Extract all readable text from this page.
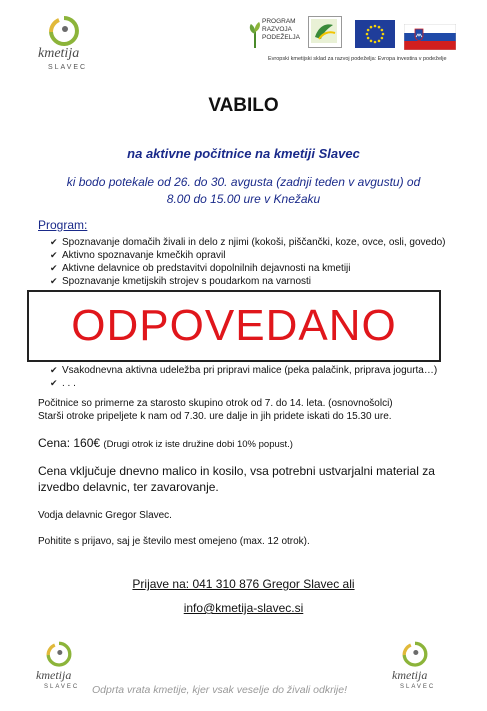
kmetija
SLAVEC
PROGRAM
RAZVOJA
PODEŽELJA
Evropski kmetijski sklad za razvoj podeželja: Evropa investira v podeželje
VABILO
na aktivne počitnice na kmetiji Slavec
ki bodo potekale od 26. do 30. avgusta (zadnji teden v avgustu) od
8.00 do 15.00 ure v Knežaku
Program:
✔ Spoznavanje domačih živali in delo z njimi (kokoši, piščančki, koze, ovce, osli, govedo)
✔ Aktivno spoznavanje kmečkih opravil
✔ Aktivne delavnice ob predstavitvi dopolnilnih dejavnosti na kmetiji
✔ Spoznavanje kmetijskih strojev s poudarkom na varnosti
ODPOVEDANO
✔ Vsakodnevna aktivna udeležba pri pripravi malice (peka palačink, priprava jogurta…)
✔ . . .
Počitnice so primerne za starosto skupino otrok od 7. do 14. leta. (osnovnošolci)
Starši otroke pripeljete k nam od 7.30. ure dalje in jih pridete iskati do 15.30 ure.
Cena: 160€ (Drugi otrok iz iste družine dobi 10% popust.)
Cena vključuje dnevno malico in kosilo, vsa potrebni ustvarjalni material za izvedbo delavnic, ter zavarovanje.
Vodja delavnic Gregor Slavec.
Pohitite s prijavo, saj je število mest omejeno (max. 12 otrok).
Prijave na: 041 310 876 Gregor Slavec ali
info@kmetija-slavec.si
kmetija
SLAVEC Odprta vrata kmetije, kjer vsak veselje do živali odkrije!
kmetija
SLAVEC
